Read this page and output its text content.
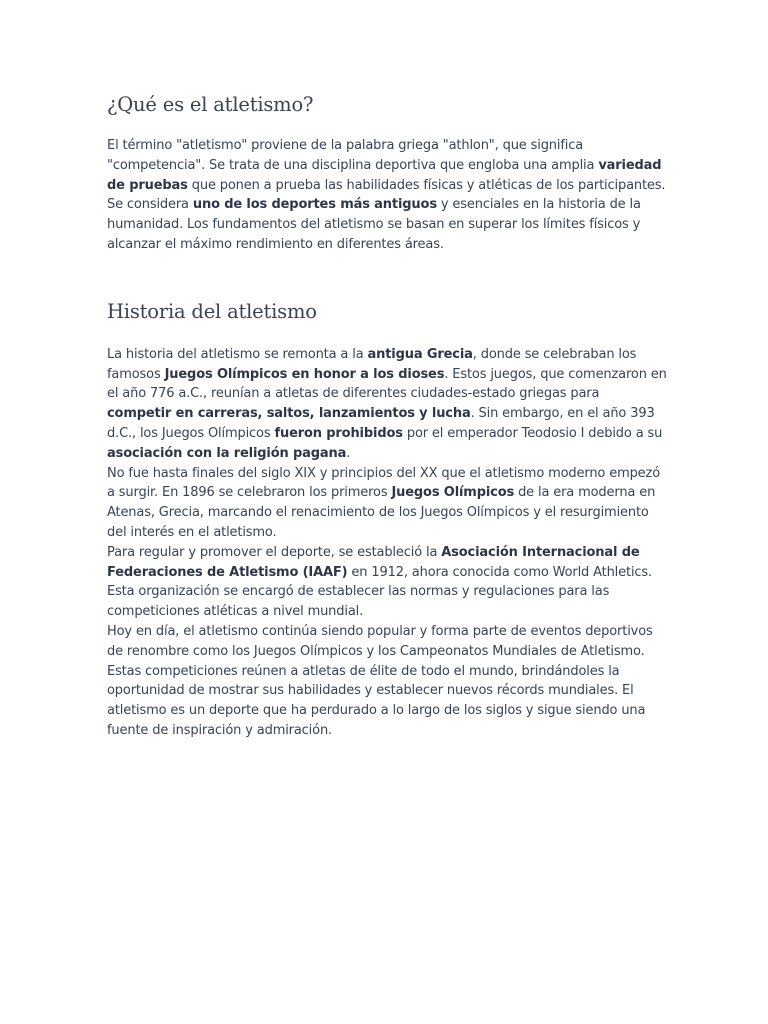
¿Qué es el atletismo?

El término "atletismo" proviene de la palabra griega "athlon", que significa "competencia". Se trata de una disciplina deportiva que engloba una amplia variedad de pruebas que ponen a prueba las habilidades físicas y atléticas de los participantes. Se considera uno de los deportes más antiguos y esenciales en la historia de la humanidad. Los fundamentos del atletismo se basan en superar los límites físicos y alcanzar el máximo rendimiento en diferentes áreas.

Historia del atletismo

La historia del atletismo se remonta a la antigua Grecia, donde se celebraban los famosos Juegos Olímpicos en honor a los dioses. Estos juegos, que comenzaron en el año 776 a.C., reunían a atletas de diferentes ciudades-estado griegas para competir en carreras, saltos, lanzamientos y lucha. Sin embargo, en el año 393 d.C., los Juegos Olímpicos fueron prohibidos por el emperador Teodosio I debido a su asociación con la religión pagana.

No fue hasta finales del siglo XIX y principios del XX que el atletismo moderno empezó a surgir. En 1896 se celebraron los primeros Juegos Olímpicos de la era moderna en Atenas, Grecia, marcando el renacimiento de los Juegos Olímpicos y el resurgimiento del interés en el atletismo.

Para regular y promover el deporte, se estableció la Asociación Internacional de Federaciones de Atletismo (IAAF) en 1912, ahora conocida como World Athletics. Esta organización se encargó de establecer las normas y regulaciones para las competiciones atléticas a nivel mundial.

Hoy en día, el atletismo continúa siendo popular y forma parte de eventos deportivos de renombre como los Juegos Olímpicos y los Campeonatos Mundiales de Atletismo. Estas competiciones reúnen a atletas de élite de todo el mundo, brindándoles la oportunidad de mostrar sus habilidades y establecer nuevos récords mundiales. El atletismo es un deporte que ha perdurado a lo largo de los siglos y sigue siendo una fuente de inspiración y admiración.
